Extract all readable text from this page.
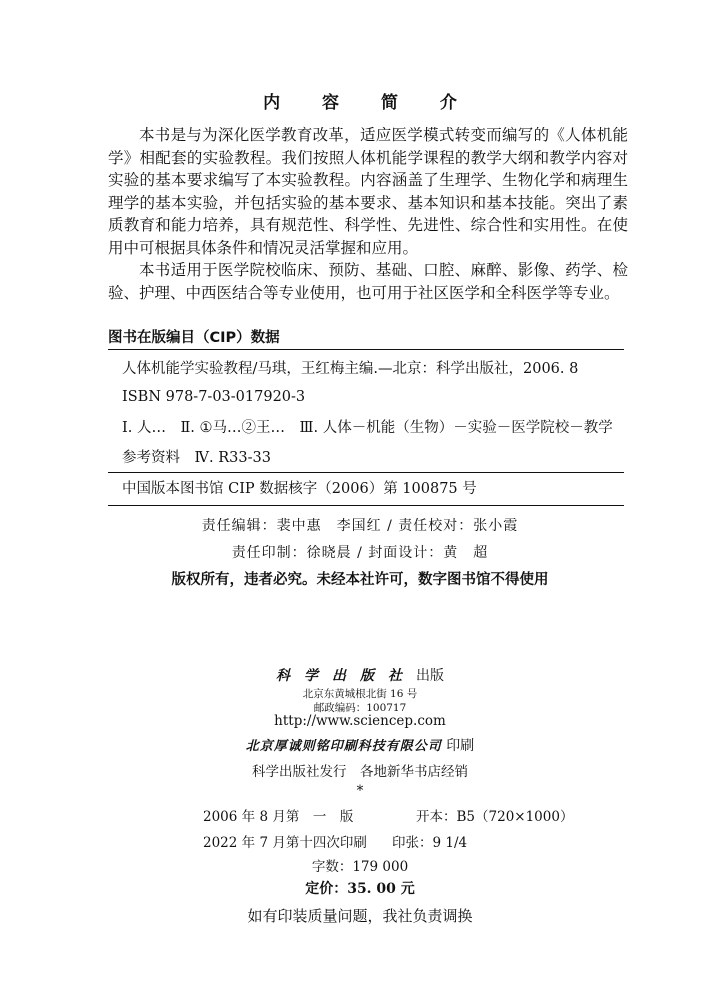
内 容 简 介

本书是与为深化医学教育改革，适应医学模式转变而编写的《人体机能学》相配套的实验教程。我们按照人体机能学课程的教学大纲和教学内容对实验的基本要求编写了本实验教程。内容涵盖了生理学、生物化学和病理生理学的基本实验，并包括实验的基本要求、基本知识和基本技能。突出了素质教育和能力培养，具有规范性、科学性、先进性、综合性和实用性。在使用中可根据具体条件和情况灵活掌握和应用。

本书适用于医学院校临床、预防、基础、口腔、麻醉、影像、药学、检验、护理、中西医结合等专业使用，也可用于社区医学和全科医学等专业。

图书在版编目（CIP）数据
人体机能学实验教程/马琪，王红梅主编.—北京：科学出版社，2006. 8
ISBN 978-7-03-017920-3
Ⅰ. 人…　Ⅱ. ①马…②王…　Ⅲ. 人体－机能（生物）－实验－医学院校－教学参考资料　Ⅳ. R33-33
中国版本图书馆 CIP 数据核字（2006）第 100875 号
责任编辑：裴中惠　李国红 / 责任校对：张小霞
责任印制：徐晓晨 / 封面设计：黄　超
版权所有，违者必究。未经本社许可，数字图书馆不得使用
科学出版社出版
北京东黄城根北街 16 号
邮政编码：100717
http://www.sciencep.com
北京厚诚则铭印刷科技有限公司 印刷
科学出版社发行　各地新华书店经销
*
2006 年 8 月第　一　版	开本：B5（720×1000）
2022 年 7 月第十四次印刷 印张：9 1/4
字数：179 000
定价：35. 00 元
如有印装质量问题，我社负责调换
